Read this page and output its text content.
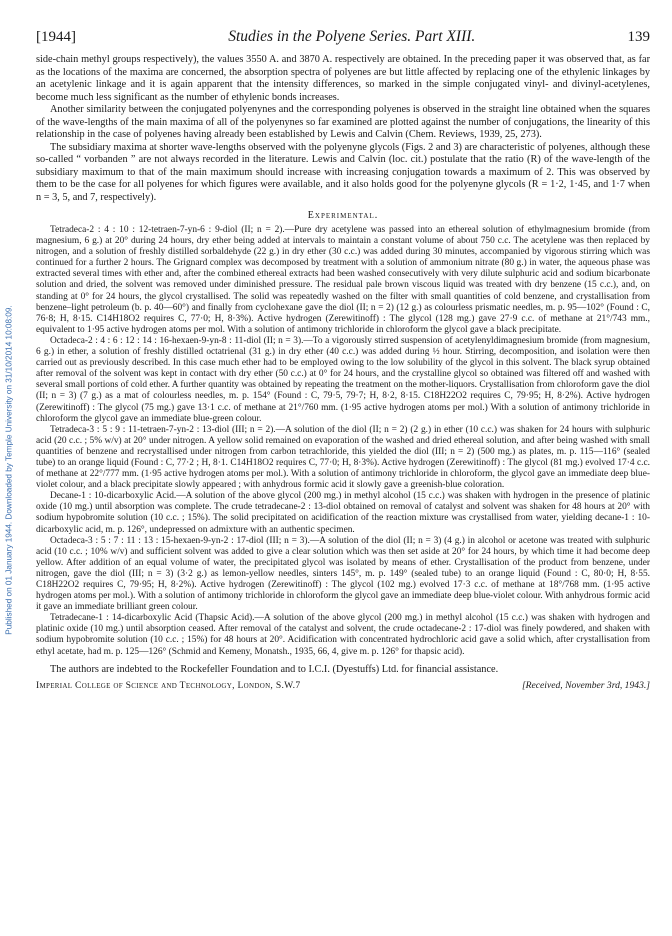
Published on 01 January 1944. Downloaded by Temple University on 31/10/2014 10:08:09.
[1944]	Studies in the Polyene Series. Part XIII.	139

side-chain methyl groups respectively), the values 3550 A. and 3870 A. respectively are obtained. In the preceding paper it was observed that, as far as the locations of the maxima are concerned, the absorption spectra of polyenes are but little affected by replacing one of the ethylenic linkages by an acetylenic linkage and it is again apparent that the intensity differences, so marked in the simple conjugated vinyl- and divinyl-acetylenes, become much less significant as the number of ethylenic bonds increases.

Another similarity between the conjugated polyenynes and the corresponding polyenes is observed in the straight line obtained when the squares of the wave-lengths of the main maxima of all of the polyenynes so far examined are plotted against the number of conjugations, the linearity of this relationship in the case of polyenes having already been established by Lewis and Calvin (Chem. Reviews, 1939, 25, 273).

The subsidiary maxima at shorter wave-lengths observed with the polyenyne glycols (Figs. 2 and 3) are characteristic of polyenes, although these so-called “ vorbanden ” are not always recorded in the literature. Lewis and Calvin (loc. cit.) postulate that the ratio (R) of the wave-length of the subsidiary maximum to that of the main maximum should increase with increasing conjugation towards a maximum of 2. This was observed by them to be the case for all polyenes for which figures were available, and it also holds good for the polyenyne glycols (R = 1·2, 1·45, and 1·7 when n = 3, 5, and 7, respectively).

Experimental.

Tetradeca-2 : 4 : 10 : 12-tetraen-7-yn-6 : 9-diol (II; n = 2).—Pure dry acetylene was passed into an ethereal solution of ethylmagnesium bromide (from magnesium, 6 g.) at 20° during 24 hours, dry ether being added at intervals to maintain a constant volume of about 750 c.c. The acetylene was then replaced by nitrogen, and a solution of freshly distilled sorbaldehyde (22 g.) in dry ether (30 c.c.) was added during 30 minutes, accompanied by vigorous stirring which was continued for a further 2 hours. The Grignard complex was decomposed by treatment with a solution of ammonium nitrate (80 g.) in water, the aqueous phase was extracted several times with ether and, after the combined ethereal extracts had been washed consecutively with very dilute sulphuric acid and sodium bicarbonate solution and dried, the solvent was removed under diminished pressure. The residual pale brown viscous liquid was treated with dry benzene (15 c.c.), and, on standing at 0° for 24 hours, the glycol crystallised. The solid was repeatedly washed on the filter with small quantities of cold benzene, and crystallisation from benzene–light petroleum (b. p. 40—60°) and finally from cyclohexane gave the diol (II; n = 2) (12 g.) as colourless prismatic needles, m. p. 95—102° (Found : C, 76·8; H, 8·15. C14H18O2 requires C, 77·0; H, 8·3%). Active hydrogen (Zerewitinoff) : The glycol (128 mg.) gave 27·9 c.c. of methane at 21°/743 mm., equivalent to 1·95 active hydrogen atoms per mol. With a solution of antimony trichloride in chloroform the glycol gave a black precipitate.

Octadeca-2 : 4 : 6 : 12 : 14 : 16-hexaen-9-yn-8 : 11-diol (II; n = 3).—To a vigorously stirred suspension of acetylenyldimagnesium bromide (from magnesium, 6 g.) in ether, a solution of freshly distilled octatrienal (31 g.) in dry ether (40 c.c.) was added during ½ hour. Stirring, decomposition, and isolation were then carried out as previously described. In this case much ether had to be employed owing to the low solubility of the glycol in this solvent. The black syrup obtained after removal of the solvent was kept in contact with dry ether (50 c.c.) at 0° for 24 hours, and the crystalline glycol so obtained was filtered off and washed with several small portions of cold ether. A further quantity was obtained by repeating the treatment on the mother-liquors. Crystallisation from chloroform gave the diol (II; n = 3) (7 g.) as a mat of colourless needles, m. p. 154° (Found : C, 79·5, 79·7; H, 8·2, 8·15. C18H22O2 requires C, 79·95; H, 8·2%). Active hydrogen (Zerewitinoff) : The glycol (75 mg.) gave 13·1 c.c. of methane at 21°/760 mm. (1·95 active hydrogen atoms per mol.) With a solution of antimony trichloride in chloroform the glycol gave an immediate blue-green colour.

Tetradeca-3 : 5 : 9 : 11-tetraen-7-yn-2 : 13-diol (III; n = 2).—A solution of the diol (II; n = 2) (2 g.) in ether (10 c.c.) was shaken for 24 hours with sulphuric acid (20 c.c. ; 5% w/v) at 20° under nitrogen. A yellow solid remained on evaporation of the washed and dried ethereal solution, and after being washed with small quantities of benzene and recrystallised under nitrogen from carbon tetrachloride, this yielded the diol (III; n = 2) (500 mg.) as plates, m. p. 115—116° (sealed tube) to an orange liquid (Found : C, 77·2 ; H, 8·1. C14H18O2 requires C, 77·0; H, 8·3%). Active hydrogen (Zerewitinoff) : The glycol (81 mg.) evolved 17·4 c.c. of methane at 22°/777 mm. (1·95 active hydrogen atoms per mol.). With a solution of antimony trichloride in chloroform, the glycol gave an immediate deep blue-violet colour, and a black precipitate slowly appeared ; with anhydrous formic acid it slowly gave a greenish-blue coloration.

Decane-1 : 10-dicarboxylic Acid.—A solution of the above glycol (200 mg.) in methyl alcohol (15 c.c.) was shaken with hydrogen in the presence of platinic oxide (10 mg.) until absorption was complete. The crude tetradecane-2 : 13-diol obtained on removal of catalyst and solvent was shaken for 48 hours at 20° with sodium hypobromite solution (10 c.c. ; 15%). The solid precipitated on acidification of the reaction mixture was crystallised from water, yielding decane-1 : 10-dicarboxylic acid, m. p. 126°, undepressed on admixture with an authentic specimen.

Octadeca-3 : 5 : 7 : 11 : 13 : 15-hexaen-9-yn-2 : 17-diol (III; n = 3).—A solution of the diol (II; n = 3) (4 g.) in alcohol or acetone was treated with sulphuric acid (10 c.c. ; 10% w/v) and sufficient solvent was added to give a clear solution which was then set aside at 20° for 24 hours, by which time it had become deep yellow. After addition of an equal volume of water, the precipitated glycol was isolated by means of ether. Crystallisation of the product from benzene, under nitrogen, gave the diol (III; n = 3) (3·2 g.) as lemon-yellow needles, sinters 145°, m. p. 149° (sealed tube) to an orange liquid (Found : C, 80·0; H, 8·55. C18H22O2 requires C, 79·95; H, 8·2%). Active hydrogen (Zerewitinoff) : The glycol (102 mg.) evolved 17·3 c.c. of methane at 18°/768 mm. (1·95 active hydrogen atoms per mol.). With a solution of antimony trichloride in chloroform the glycol gave an immediate deep blue-violet colour. With anhydrous formic acid it gave an immediate brilliant green colour.

Tetradecane-1 : 14-dicarboxylic Acid (Thapsic Acid).—A solution of the above glycol (200 mg.) in methyl alcohol (15 c.c.) was shaken with hydrogen and platinic oxide (10 mg.) until absorption ceased. After removal of the catalyst and solvent, the crude octadecane-2 : 17-diol was finely powdered, and shaken with sodium hypobromite solution (10 c.c. ; 15%) for 48 hours at 20°. Acidification with concentrated hydrochloric acid gave a solid which, after crystallisation from ethyl acetate, had m. p. 125—126° (Schmid and Kemeny, Monatsh., 1935, 66, 4, give m. p. 126° for thapsic acid).

The authors are indebted to the Rockefeller Foundation and to I.C.I. (Dyestuffs) Ltd. for financial assistance.

Imperial College of Science and Technology, London, S.W.7	[Received, November 3rd, 1943.]
